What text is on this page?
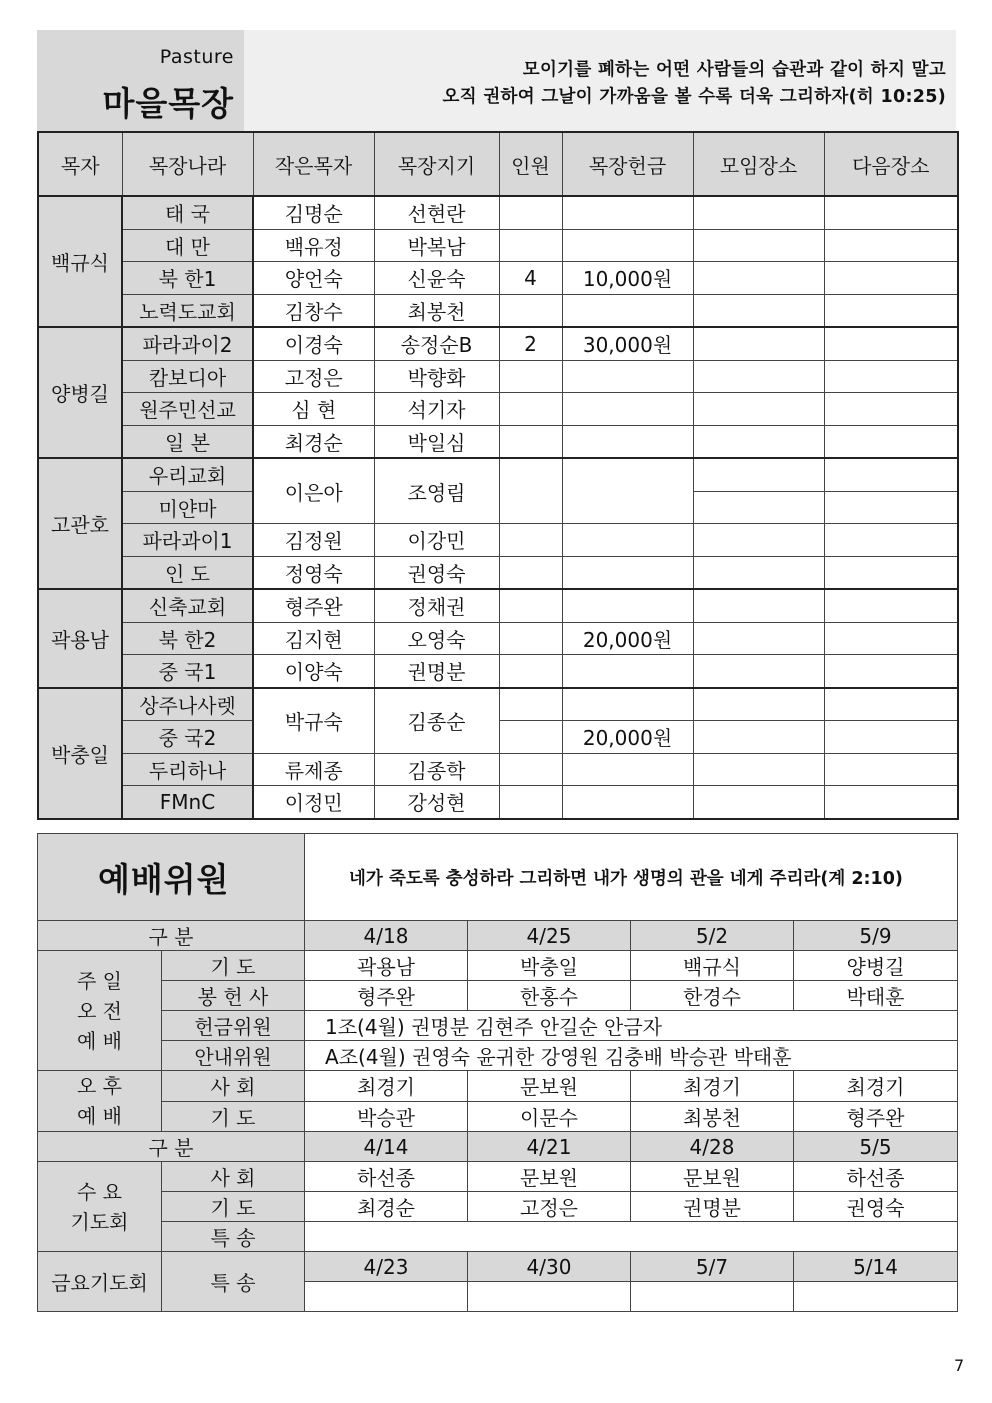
Pasture
마을목장
모이기를 폐하는 어떤 사람들의 습관과 같이 하지 말고
오직 권하여 그날이 가까움을 볼 수록 더욱 그리하자(히 10:25)
목자	목장나라	작은목자	목장지기	인원	목장헌금	모임장소	다음장소
백규식	태 국	김명순	선현란				
	대 만	백유정	박복남				
	북 한1	양언숙	신윤숙	4	10,000원		
	노력도교회	김창수	최봉천				
양병길	파라과이2	이경숙	송정순B	2	30,000원		
	캄보디아	고정은	박향화				
	원주민선교	심 현	석기자				
	일 본	최경순	박일심				
고관호	우리교회	이은아	조영림				
	미얀마						
	파라과이1	김정원	이강민				
	인 도	정영숙	권영숙				
곽용남	신축교회	형주완	정채권				
	북 한2	김지현	오영숙		20,000원		
	중 국1	이양숙	권명분				
박충일	상주나사렛	박규숙	김종순				
	중 국2				20,000원		
	두리하나	류제종	김종학				
	FMnC	이정민	강성현				
예배위원		네가 죽도록 충성하라 그리하면 내가 생명의 관을 네게 주리라(계 2:10)			
구 분		4/18	4/25	5/2	5/9

주 일 오 전 예 배	기 도	곽용남	박충일	백규식	양병길
	봉 헌 사	형주완	한홍수	한경수	박태훈
	헌금위원	1조(4월) 권명분 김현주 안길순 안금자			
	안내위원	A조(4월) 권영숙 윤귀한 강영원 김충배 박승관 박태훈			

오 후 예 배	사 회	최경기	문보원	최경기	최경기
	기 도	박승관	이문수	최봉천	형주완
구 분		4/14	4/21	4/28	5/5

수 요 기도회	사 회	하선종	문보원	문보원	하선종
	기 도	최경순	고정은	권명분	권영숙
	특 송				
금요기도회	특 송	4/23	4/30	5/7	5/14

7
